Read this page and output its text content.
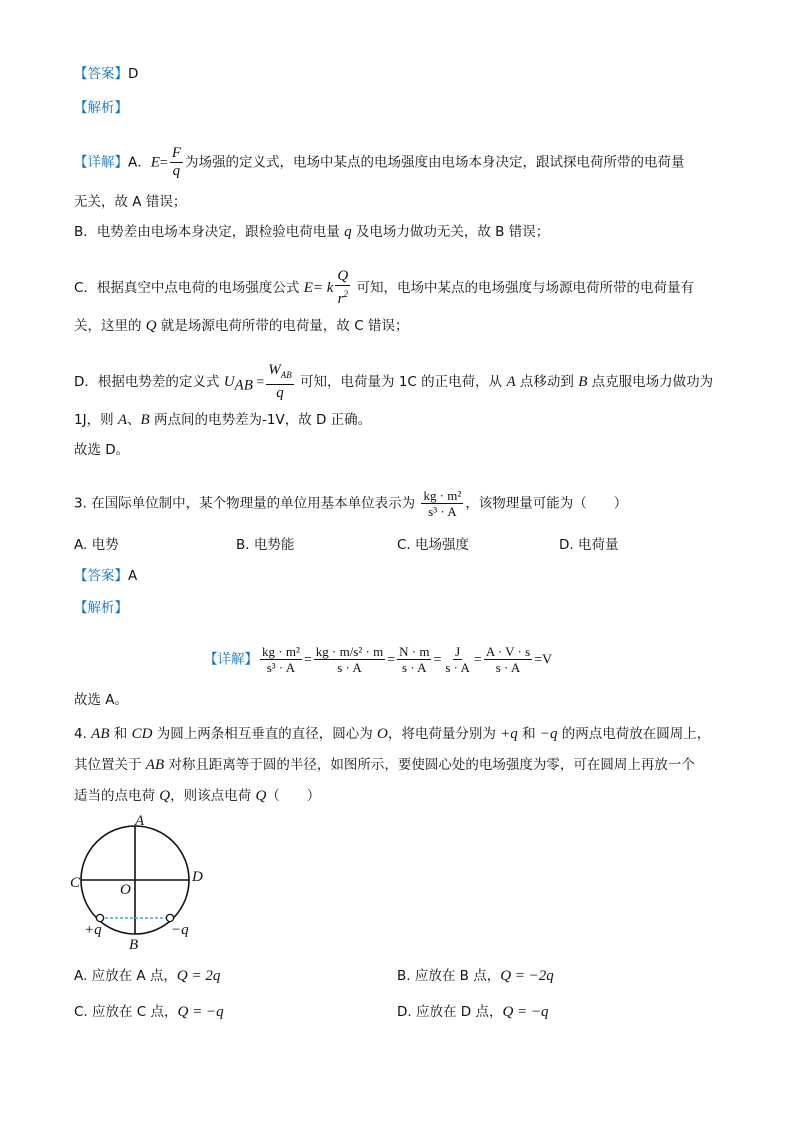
【答案】D
【解析】
【详解】A．$E= \frac{F}{q}$ 为场强的定义式，电场中某点的电场强度由电场本身决定，跟试探电荷所带的电荷量
无关，故 A 错误；
B．电势差由电场本身决定，跟检验电荷电量 q 及电场力做功无关，故 B 错误；
C．根据真空中点电荷的电场强度公式 E= k $\frac{Q}{r^2}$ 可知，电场中某点的电场强度与场源电荷所带的电荷量有
关，这里的 Q 就是场源电荷所带的电荷量，故 C 错误；
D．根据电势差的定义式 $U_{AB} = \frac{W_{AB}}{q}$ 可知，电荷量为 1C 的正电荷，从 A 点移动到 B 点克服电场力做功为
1J，则 A、B 两点间的电势差为-1V，故 D 正确。
故选 D。
3. 在国际单位制中，某个物理量的单位用基本单位表示为 $\frac{\text{kg · m²}}{\text{s³ · A}}$ ，该物理量可能为（　　）
A. 电势	B. 电势能	C. 电场强度	D. 电荷量
【答案】A
【解析】
【详解】 $\frac{\text{kg · m²}}{\text{s³ · A}} = \frac{\text{kg · m/s² · m}}{s \cdot A} = \frac{N \cdot m}{s \cdot A} = \frac{J}{s \cdot A} = \frac{A \cdot V \cdot s}{s \cdot A} =V$
故选 A。
4. AB 和 CD 为圆上两条相互垂直的直径，圆心为 O，将电荷量分别为 +q 和 −q 的两点电荷放在圆周上，
其位置关于 AB 对称且距离等于圆的半径，如图所示，要使圆心处的电场强度为零，可在圆周上再放一个
适当的点电荷 Q，则该点电荷 Q（　　）
A
B
C	D
O
+q	−q
A. 应放在 A 点，Q = 2q	B. 应放在 B 点，Q = −2q
C. 应放在 C 点，Q = −q	D. 应放在 D 点，Q = −q
